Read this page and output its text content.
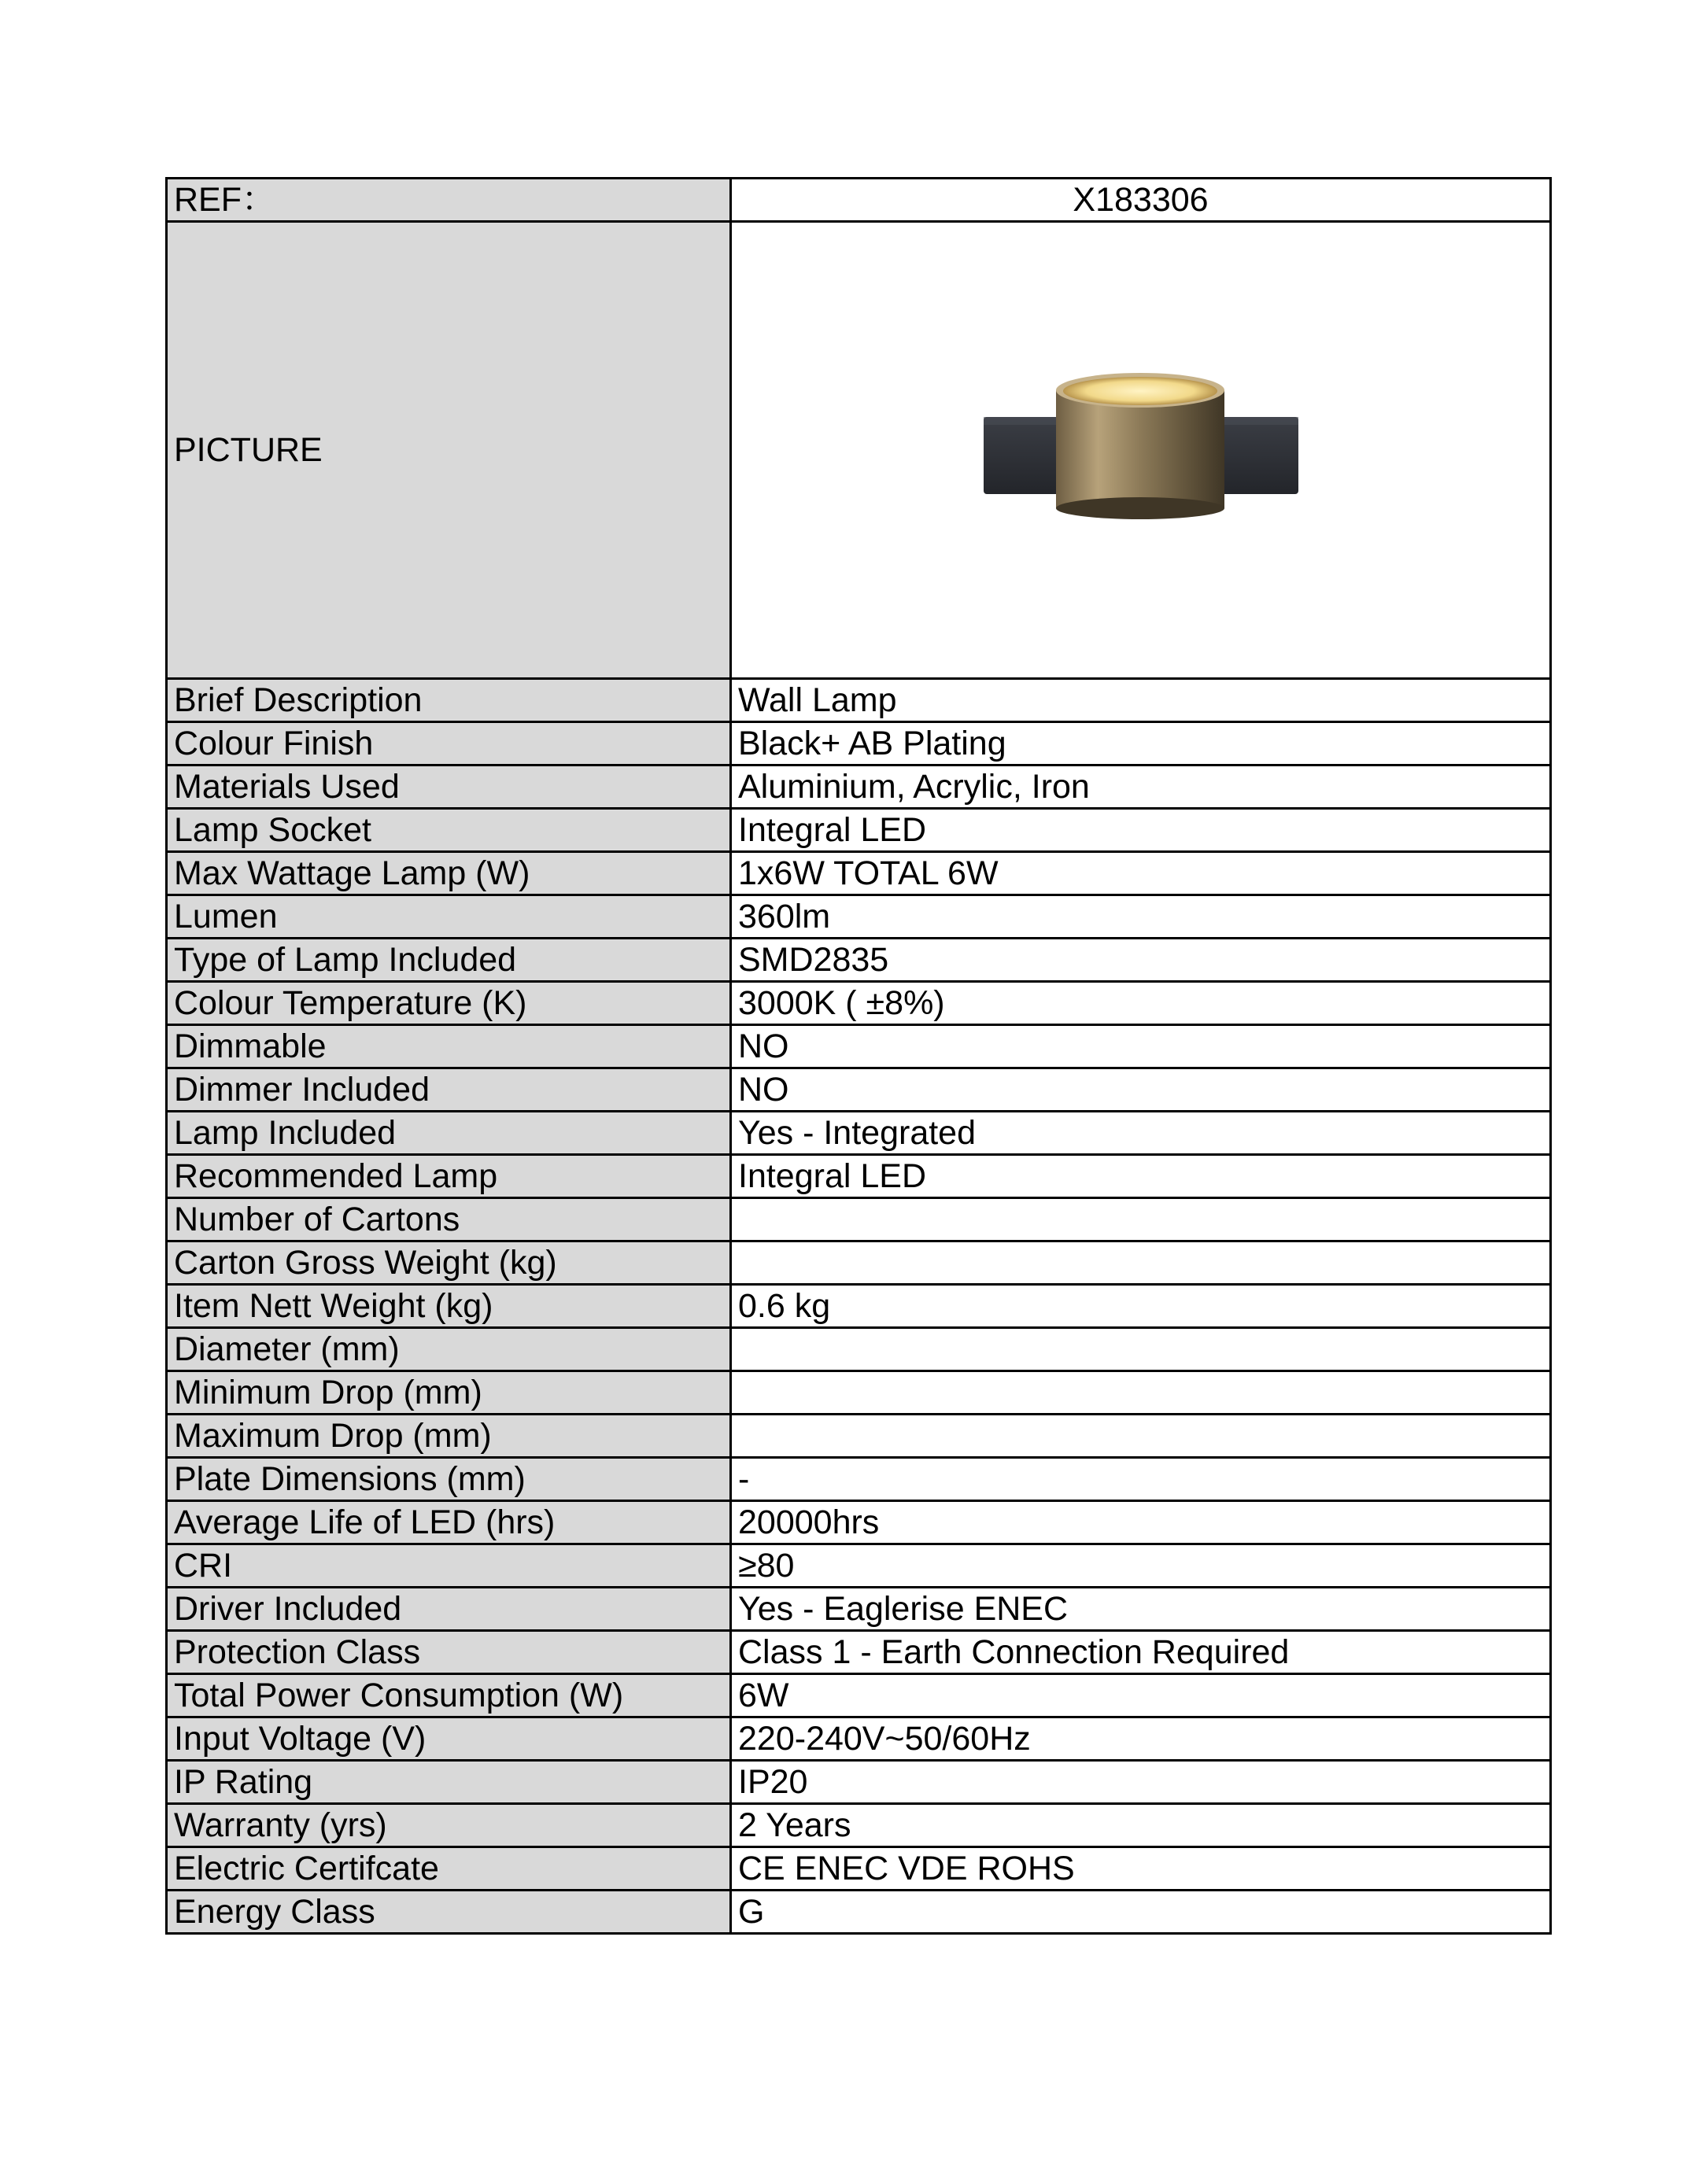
REF：	X183306
PICTURE	
Brief Description	Wall Lamp
Colour Finish	Black+ AB Plating
Materials Used	Aluminium, Acrylic, Iron
Lamp Socket	Integral LED
Max Wattage Lamp (W)	1x6W TOTAL 6W
Lumen	360lm
Type of Lamp Included	SMD2835
Colour Temperature (K)	3000K ( ±8%)
Dimmable	NO
Dimmer Included	NO
Lamp Included	Yes - Integrated
Recommended Lamp	Integral LED
Number of Cartons	
Carton Gross Weight (kg)	
Item Nett Weight (kg)	0.6 kg
Diameter (mm)	
Minimum Drop (mm)	
Maximum Drop (mm)	
Plate Dimensions (mm)	-
Average Life of LED (hrs)	20000hrs
CRI	≥80
Driver Included	Yes - Eaglerise ENEC
Protection Class	Class 1 - Earth Connection Required
Total Power Consumption (W)	6W
Input Voltage (V)	220-240V~50/60Hz
IP Rating	IP20
Warranty (yrs)	2 Years
Electric Certifcate	CE ENEC VDE ROHS
Energy Class	G
